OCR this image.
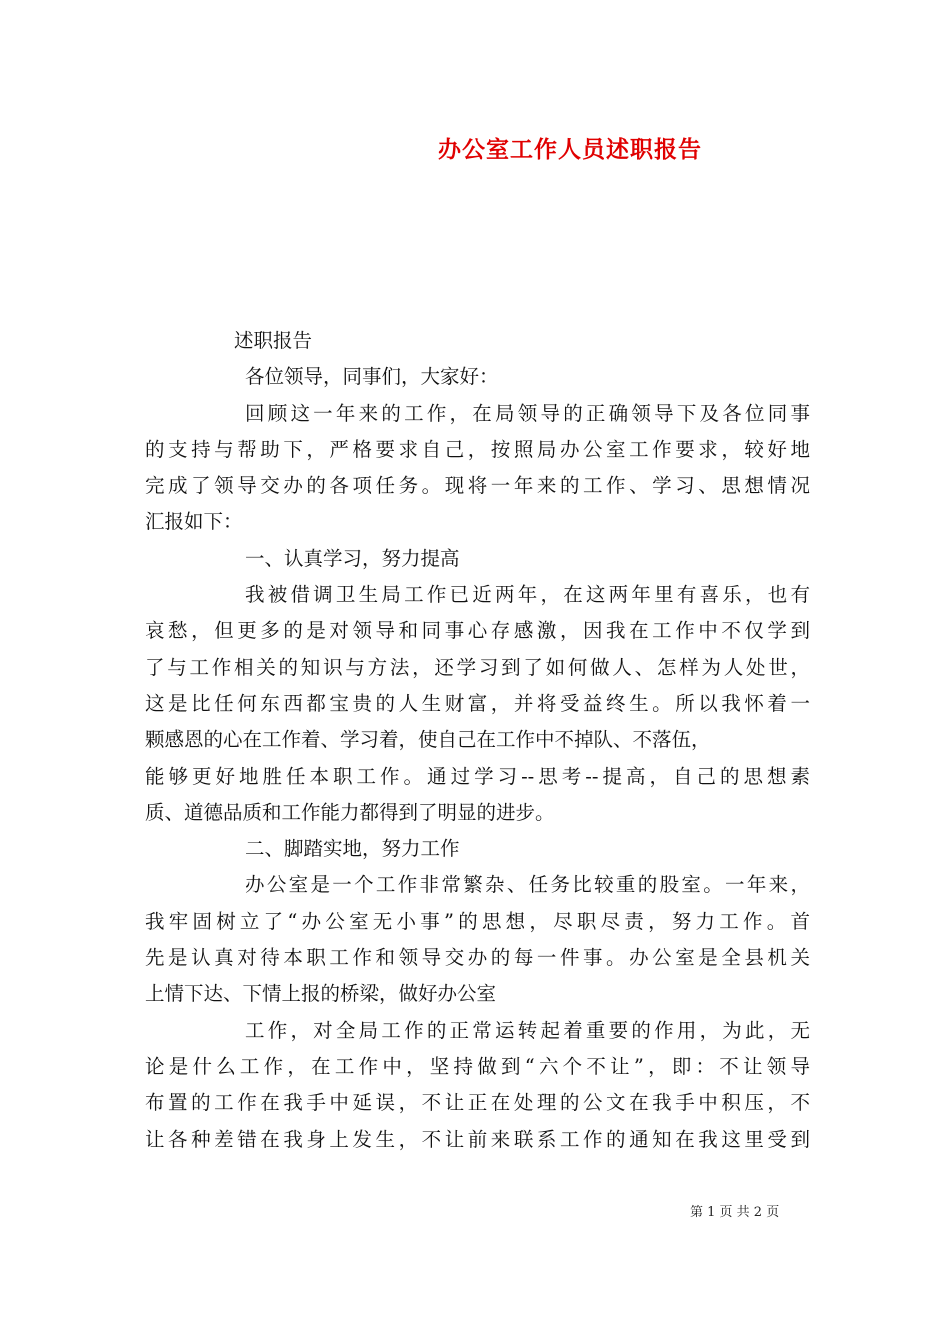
办公室工作人员述职报告
述职报告
各位领导，同事们，大家好：
回顾这一年来的工作，在局领导的正确领导下及各位同事
的支持与帮助下，严格要求自己，按照局办公室工作要求，较好地
完成了领导交办的各项任务。现将一年来的工作、学习、思想情况
汇报如下：
一、认真学习，努力提高
我被借调卫生局工作已近两年，在这两年里有喜乐，也有
哀愁，但更多的是对领导和同事心存感激，因我在工作中不仅学到
了与工作相关的知识与方法，还学习到了如何做人、怎样为人处世，
这是比任何东西都宝贵的人生财富，并将受益终生。所以我怀着一
颗感恩的心在工作着、学习着，使自己在工作中不掉队、不落伍，
能够更好地胜任本职工作。通过学习--思考--提高，自己的思想素
质、道德品质和工作能力都得到了明显的进步。
二、脚踏实地，努力工作
办公室是一个工作非常繁杂、任务比较重的股室。一年来，
我牢固树立了“办公室无小事”的思想，尽职尽责，努力工作。首
先是认真对待本职工作和领导交办的每一件事。办公室是全县机关
上情下达、下情上报的桥梁，做好办公室
工作，对全局工作的正常运转起着重要的作用，为此，无
论是什么工作，在工作中，坚持做到“六个不让”，即：不让领导
布置的工作在我手中延误，不让正在处理的公文在我手中积压，不
让各种差错在我身上发生，不让前来联系工作的通知在我这里受到
第 1 页 共 2 页
